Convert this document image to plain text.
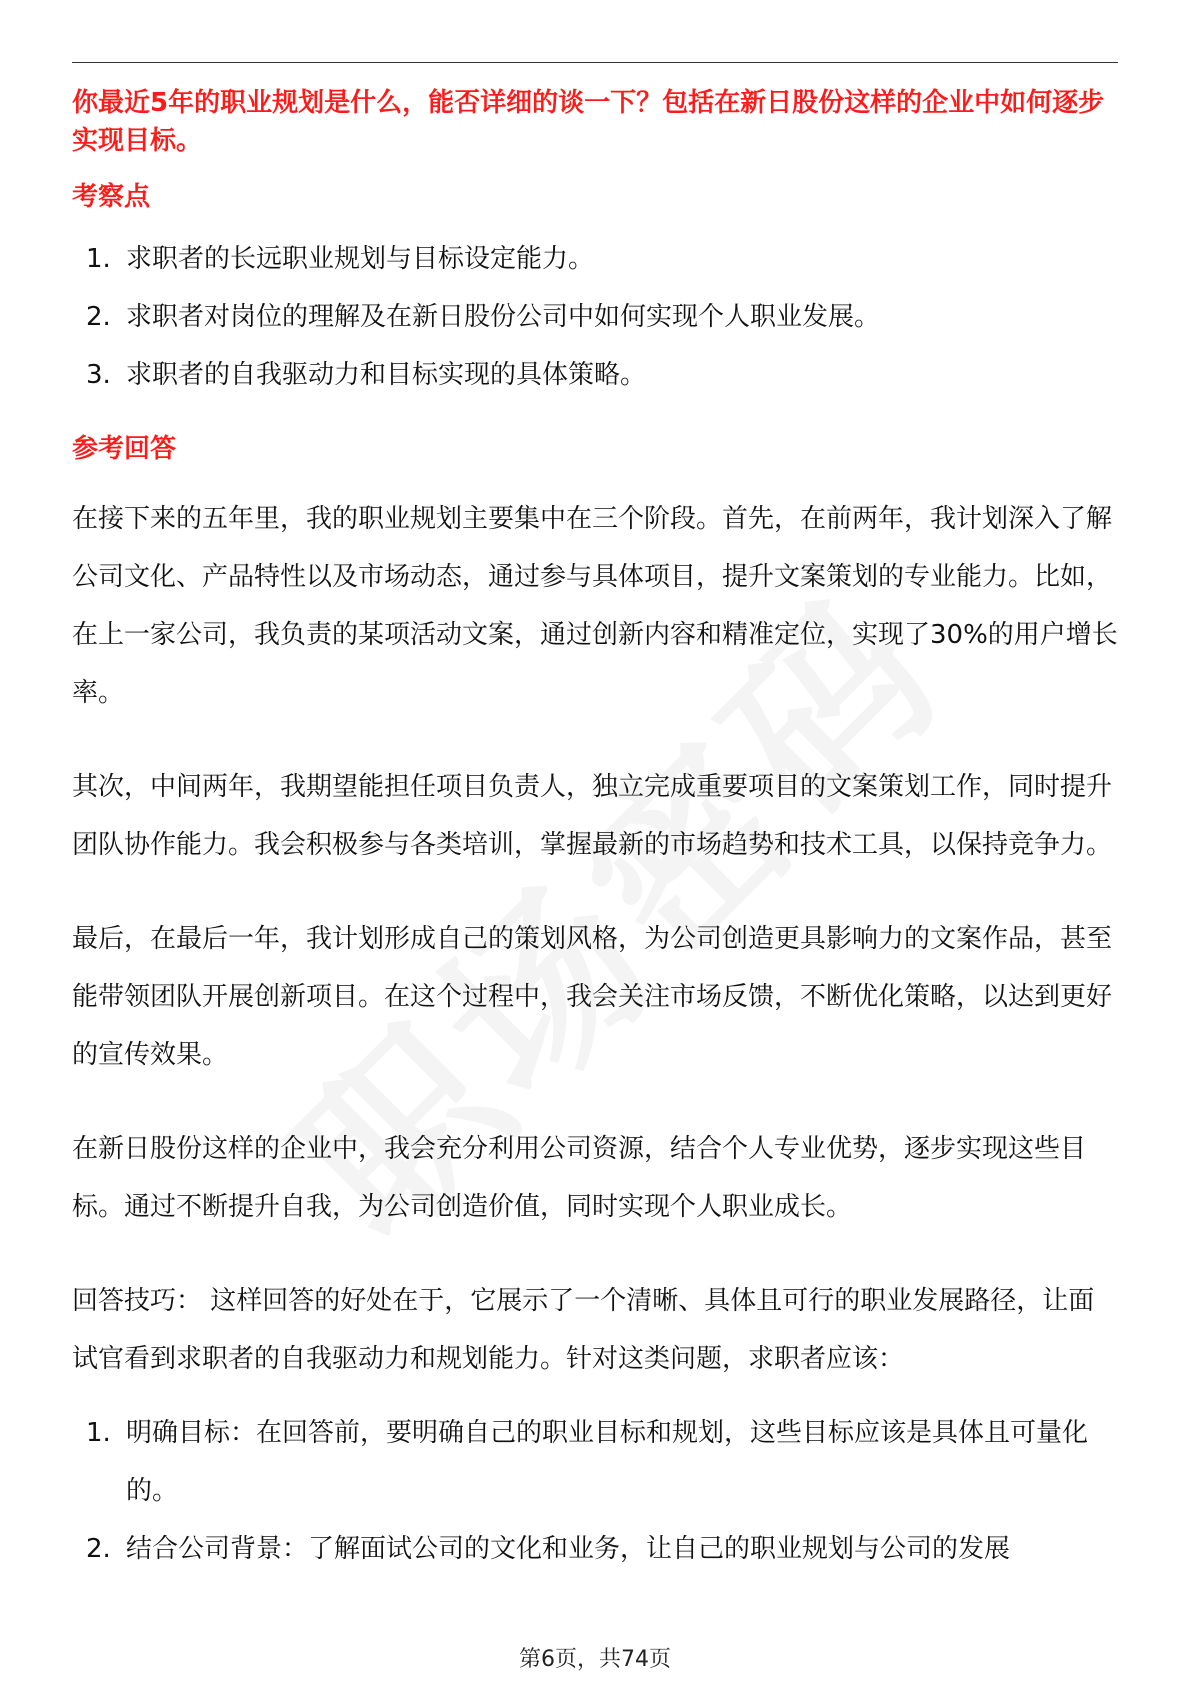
你最近5年的职业规划是什么，能否详细的谈一下？包括在新日股份这样的企业中如何逐步实现目标。

考察点

1. 求职者的长远职业规划与目标设定能力。
2. 求职者对岗位的理解及在新日股份公司中如何实现个人职业发展。
3. 求职者的自我驱动力和目标实现的具体策略。

参考回答

在接下来的五年里，我的职业规划主要集中在三个阶段。首先，在前两年，我计划深入了解公司文化、产品特性以及市场动态，通过参与具体项目，提升文案策划的专业能力。比如，在上一家公司，我负责的某项活动文案，通过创新内容和精准定位，实现了30%的用户增长率。

其次，中间两年，我期望能担任项目负责人，独立完成重要项目的文案策划工作，同时提升团队协作能力。我会积极参与各类培训，掌握最新的市场趋势和技术工具，以保持竞争力。

最后，在最后一年，我计划形成自己的策划风格，为公司创造更具影响力的文案作品，甚至能带领团队开展创新项目。在这个过程中，我会关注市场反馈，不断优化策略，以达到更好的宣传效果。

在新日股份这样的企业中，我会充分利用公司资源，结合个人专业优势，逐步实现这些目标。通过不断提升自我，为公司创造价值，同时实现个人职业成长。

回答技巧： 这样回答的好处在于，它展示了一个清晰、具体且可行的职业发展路径，让面试官看到求职者的自我驱动力和规划能力。针对这类问题，求职者应该：

1. 明确目标：在回答前，要明确自己的职业目标和规划，这些目标应该是具体且可量化的。
2. 结合公司背景：了解面试公司的文化和业务，让自己的职业规划与公司的发展
第6页，共74页
